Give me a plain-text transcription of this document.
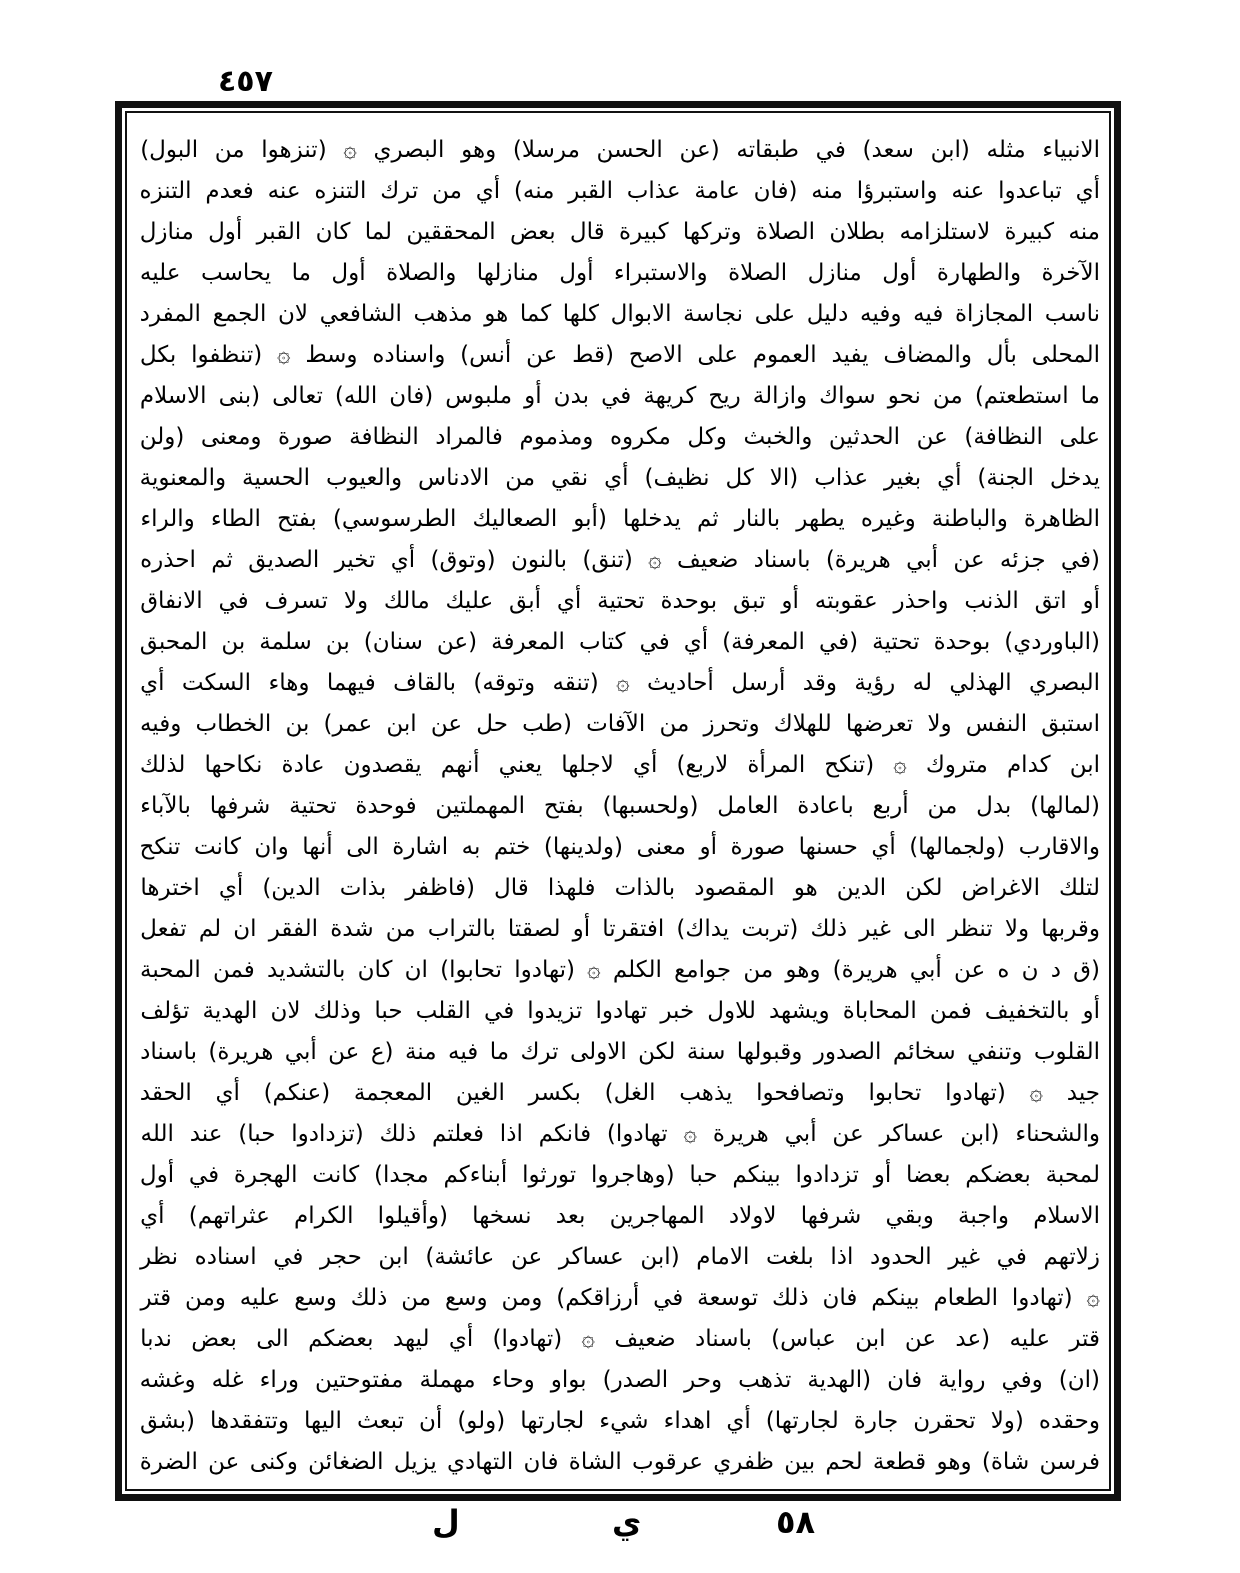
٤٥٧
الانبياء مثله (ابن سعد) في طبقاته (عن الحسن مرسلا) وهو البصري ۞ (تنزهوا من البول)
أي تباعدوا عنه واستبرؤا منه (فان عامة عذاب القبر منه) أي من ترك التنزه عنه فعدم التنزه
منه كبيرة لاستلزامه بطلان الصلاة وتركها كبيرة قال بعض المحققين لما كان القبر أول منازل
الآخرة والطهارة أول منازل الصلاة والاستبراء أول منازلها والصلاة أول ما يحاسب عليه
ناسب المجازاة فيه وفيه دليل على نجاسة الابوال كلها كما هو مذهب الشافعي لان الجمع المفرد
المحلى بأل والمضاف يفيد العموم على الاصح (قط عن أنس) واسناده وسط ۞ (تنظفوا بكل
ما استطعتم) من نحو سواك وازالة ريح كريهة في بدن أو ملبوس (فان الله) تعالى (بنى الاسلام
على النظافة) عن الحدثين والخبث وكل مكروه ومذموم فالمراد النظافة صورة ومعنى (ولن
يدخل الجنة) أي بغير عذاب (الا كل نظيف) أي نقي من الادناس والعيوب الحسية والمعنوية
الظاهرة والباطنة وغيره يطهر بالنار ثم يدخلها (أبو الصعاليك الطرسوسي) بفتح الطاء والراء
(في جزئه عن أبي هريرة) باسناد ضعيف ۞ (تنق) بالنون (وتوق) أي تخير الصديق ثم احذره
أو اتق الذنب واحذر عقوبته أو تبق بوحدة تحتية أي أبق عليك مالك ولا تسرف في الانفاق
(الباوردي) بوحدة تحتية (في المعرفة) أي في كتاب المعرفة (عن سنان) بن سلمة بن المحبق
البصري الهذلي له رؤية وقد أرسل أحاديث ۞ (تنقه وتوقه) بالقاف فيهما وهاء السكت أي
استبق النفس ولا تعرضها للهلاك وتحرز من الآفات (طب حل عن ابن عمر) بن الخطاب وفيه
ابن كدام متروك ۞ (تنكح المرأة لاربع) أي لاجلها يعني أنهم يقصدون عادة نكاحها لذلك
(لمالها) بدل من أربع باعادة العامل (ولحسبها) بفتح المهملتين فوحدة تحتية شرفها بالآباء
والاقارب (ولجمالها) أي حسنها صورة أو معنى (ولدينها) ختم به اشارة الى أنها وان كانت تنكح
لتلك الاغراض لكن الدين هو المقصود بالذات فلهذا قال (فاظفر بذات الدين) أي اخترها
وقربها ولا تنظر الى غير ذلك (تربت يداك) افتقرتا أو لصقتا بالتراب من شدة الفقر ان لم تفعل
(ق د ن ه عن أبي هريرة) وهو من جوامع الكلم ۞ (تهادوا تحابوا) ان كان بالتشديد فمن المحبة
أو بالتخفيف فمن المحاباة ويشهد للاول خبر تهادوا تزيدوا في القلب حبا وذلك لان الهدية تؤلف
القلوب وتنفي سخائم الصدور وقبولها سنة لكن الاولى ترك ما فيه منة (ع عن أبي هريرة) باسناد
جيد ۞ (تهادوا تحابوا وتصافحوا يذهب الغل) بكسر الغين المعجمة (عنكم) أي الحقد
والشحناء (ابن عساكر عن أبي هريرة ۞ تهادوا) فانكم اذا فعلتم ذلك (تزدادوا حبا) عند الله
لمحبة بعضكم بعضا أو تزدادوا بينكم حبا (وهاجروا تورثوا أبناءكم مجدا) كانت الهجرة في أول
الاسلام واجبة وبقي شرفها لاولاد المهاجرين بعد نسخها (وأقيلوا الكرام عثراتهم) أي
زلاتهم في غير الحدود اذا بلغت الامام (ابن عساكر عن عائشة) ابن حجر في اسناده نظر
۞ (تهادوا الطعام بينكم فان ذلك توسعة في أرزاقكم) ومن وسع من ذلك وسع عليه ومن قتر
قتر عليه (عد عن ابن عباس) باسناد ضعيف ۞ (تهادوا) أي ليهد بعضكم الى بعض ندبا
(ان) وفي رواية فان (الهدية تذهب وحر الصدر) بواو وحاء مهملة مفتوحتين وراء غله وغشه
وحقده (ولا تحقرن جارة لجارتها) أي اهداء شيء لجارتها (ولو) أن تبعث اليها وتتفقدها (بشق
فرسن شاة) وهو قطعة لحم بين ظفري عرقوب الشاة فان التهادي يزيل الضغائن وكنى عن الضرة
٥٨
ي
ل
